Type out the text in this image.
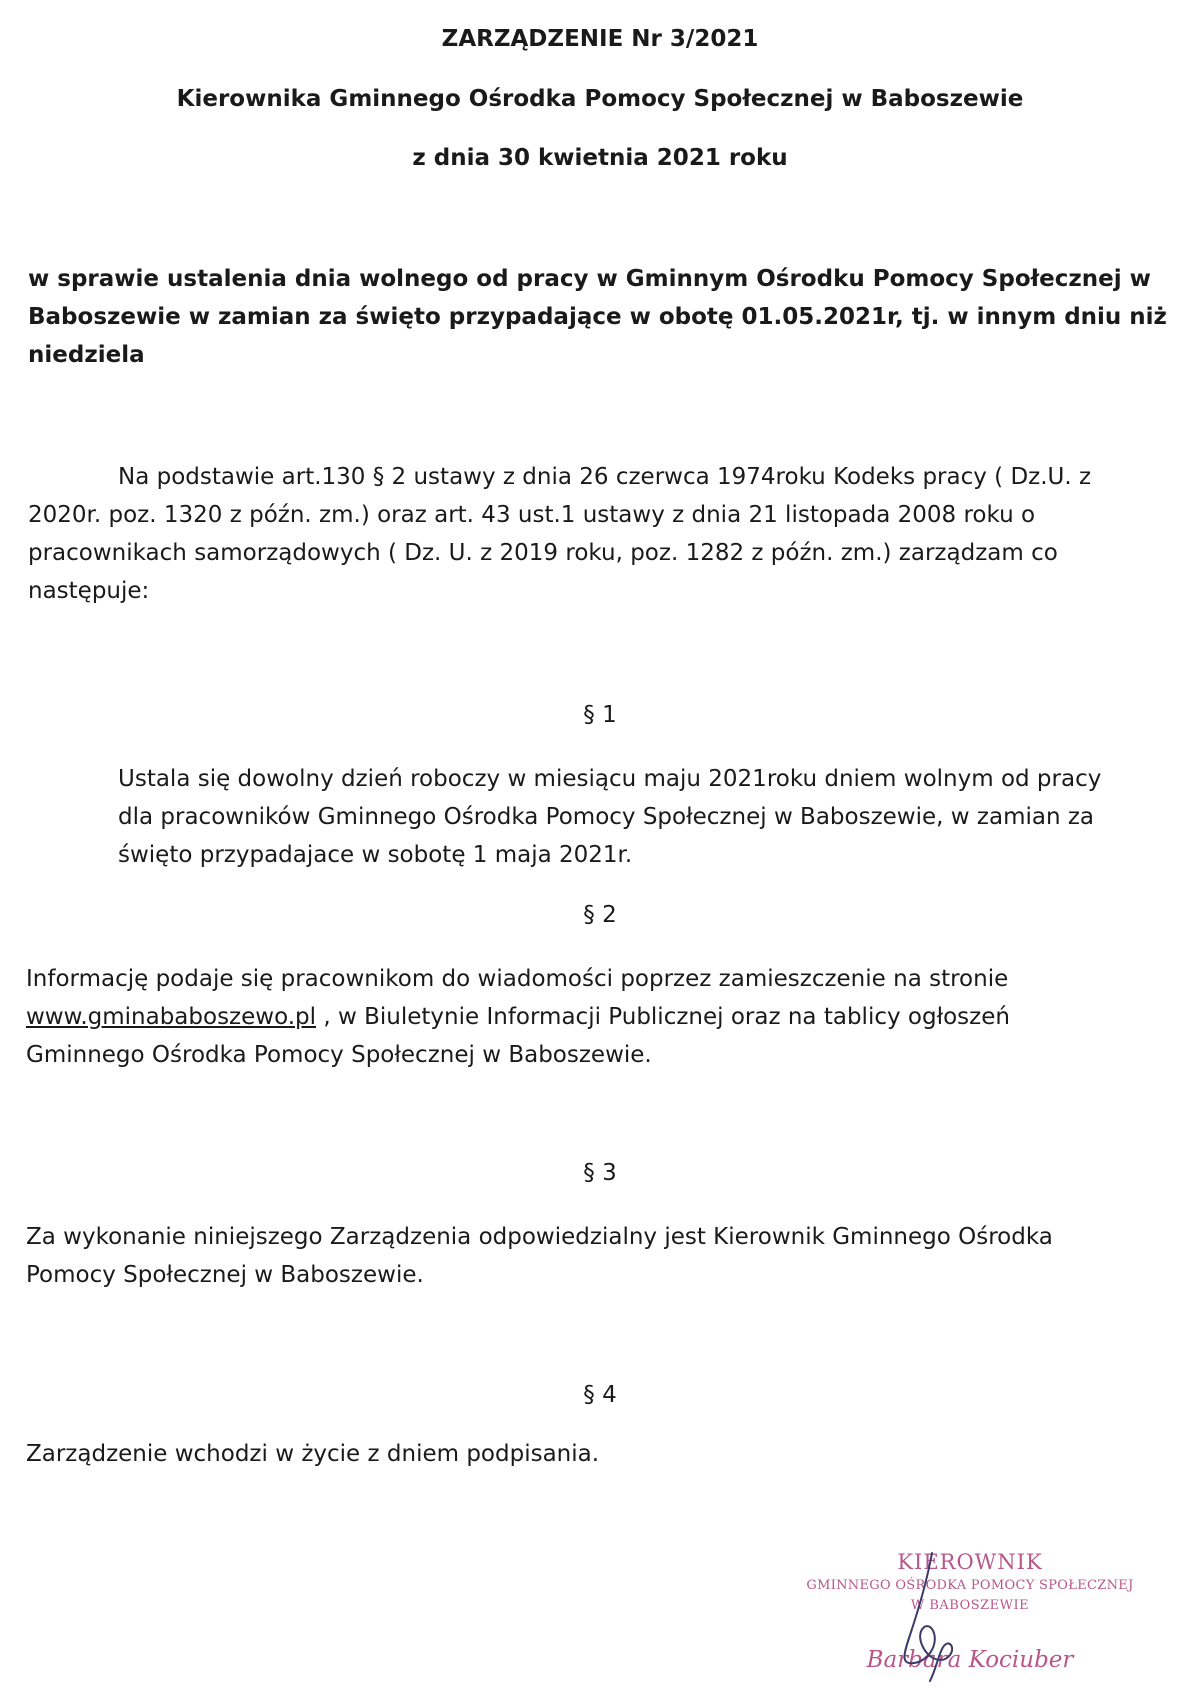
ZARZĄDZENIE Nr 3/2021
Kierownika Gminnego Ośrodka Pomocy Społecznej w Baboszewie
z dnia 30 kwietnia 2021 roku

w sprawie ustalenia dnia wolnego od pracy w Gminnym Ośrodku Pomocy Społecznej w
Baboszewie w zamian za święto przypadające w obotę 01.05.2021r, tj. w innym dniu niż
niedziela

Na podstawie art.130 § 2 ustawy z dnia 26 czerwca 1974roku Kodeks pracy ( Dz.U. z
2020r. poz. 1320 z późn. zm.) oraz art. 43 ust.1 ustawy z dnia 21 listopada 2008 roku o
pracownikach samorządowych ( Dz. U. z 2019 roku, poz. 1282 z późn. zm.) zarządzam co
następuje:

§ 1

Ustala się dowolny dzień roboczy w miesiącu maju 2021roku dniem wolnym od pracy
dla pracowników Gminnego Ośrodka Pomocy Społecznej w Baboszewie, w zamian za
święto przypadajace w sobotę 1 maja 2021r.

§ 2

Informację podaje się pracownikom do wiadomości poprzez zamieszczenie na stronie
www.gminababoszewo.pl , w Biuletynie Informacji Publicznej oraz na tablicy ogłoszeń
Gminnego Ośrodka Pomocy Społecznej w Baboszewie.

§ 3

Za wykonanie niniejszego Zarządzenia odpowiedzialny jest Kierownik Gminnego Ośrodka
Pomocy Społecznej w Baboszewie.

§ 4

Zarządzenie wchodzi w życie z dniem podpisania.

KIEROWNIK
GMINNEGO OŚRODKA POMOCY SPOŁECZNEJ
W BABOSZEWIE
Barbara Kociuber
